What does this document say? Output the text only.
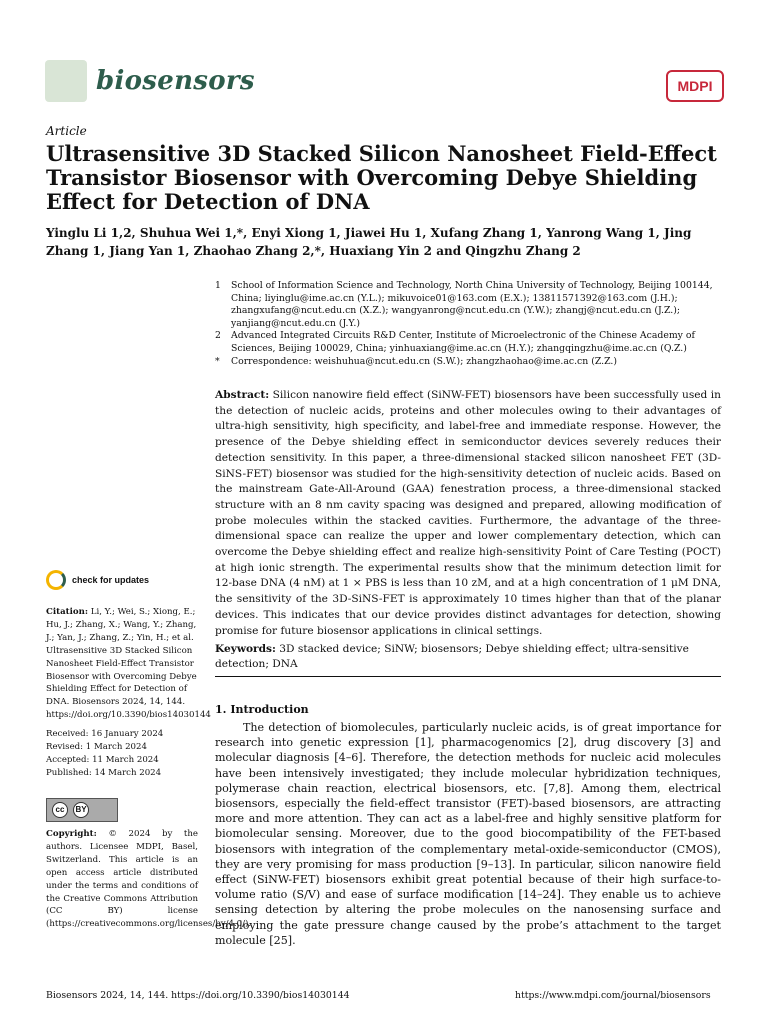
biosensors	MDPI
Article
Ultrasensitive 3D Stacked Silicon Nanosheet Field-Effect Transistor Biosensor with Overcoming Debye Shielding Effect for Detection of DNA
Yinglu Li 1,2, Shuhua Wei 1,*, Enyi Xiong 1, Jiawei Hu 1, Xufang Zhang 1, Yanrong Wang 1, Jing Zhang 1, Jiang Yan 1, Zhaohao Zhang 2,*, Huaxiang Yin 2 and Qingzhu Zhang 2
1	School of Information Science and Technology, North China University of Technology, Beijing 100144, China; liyinglu@ime.ac.cn (Y.L.); mikuvoice01@163.com (E.X.); 13811571392@163.com (J.H.); zhangxufang@ncut.edu.cn (X.Z.); wangyanrong@ncut.edu.cn (Y.W.); zhangj@ncut.edu.cn (J.Z.); yanjiang@ncut.edu.cn (J.Y.)
2	Advanced Integrated Circuits R&D Center, Institute of Microelectronic of the Chinese Academy of Sciences, Beijing 100029, China; yinhuaxiang@ime.ac.cn (H.Y.); zhangqingzhu@ime.ac.cn (Q.Z.)
*	Correspondence: weishuhua@ncut.edu.cn (S.W.); zhangzhaohao@ime.ac.cn (Z.Z.)
Abstract: Silicon nanowire field effect (SiNW-FET) biosensors have been successfully used in the detection of nucleic acids, proteins and other molecules owing to their advantages of ultra-high sensitivity, high specificity, and label-free and immediate response. However, the presence of the Debye shielding effect in semiconductor devices severely reduces their detection sensitivity. In this paper, a three-dimensional stacked silicon nanosheet FET (3D-SiNS-FET) biosensor was studied for the high-sensitivity detection of nucleic acids. Based on the mainstream Gate-All-Around (GAA) fenestration process, a three-dimensional stacked structure with an 8 nm cavity spacing was designed and prepared, allowing modification of probe molecules within the stacked cavities. Furthermore, the advantage of the three-dimensional space can realize the upper and lower complementary detection, which can overcome the Debye shielding effect and realize high-sensitivity Point of Care Testing (POCT) at high ionic strength. The experimental results show that the minimum detection limit for 12-base DNA (4 nM) at 1 × PBS is less than 10 zM, and at a high concentration of 1 μM DNA, the sensitivity of the 3D-SiNS-FET is approximately 10 times higher than that of the planar devices. This indicates that our device provides distinct advantages for detection, showing promise for future biosensor applications in clinical settings.
Keywords: 3D stacked device; SiNW; biosensors; Debye shielding effect; ultra-sensitive detection; DNA
1. Introduction

The detection of biomolecules, particularly nucleic acids, is of great importance for research into genetic expression [1], pharmacogenomics [2], drug discovery [3] and molecular diagnosis [4–6]. Therefore, the detection methods for nucleic acid molecules have been intensively investigated; they include molecular hybridization techniques, polymerase chain reaction, electrical biosensors, etc. [7,8]. Among them, electrical biosensors, especially the field-effect transistor (FET)-based biosensors, are attracting more and more attention. They can act as a label-free and highly sensitive platform for biomolecular sensing. Moreover, due to the good biocompatibility of the FET-based biosensors with integration of the complementary metal-oxide-semiconductor (CMOS), they are very promising for mass production [9–13]. In particular, silicon nanowire field effect (SiNW-FET) biosensors exhibit great potential because of their high surface-to-volume ratio (S/V) and ease of surface modification [14–24]. They enable us to achieve sensing detection by altering the probe molecules on the nanosensing surface and employing the gate pressure change caused by the probe’s attachment to the target molecule [25].

check for updates
Citation: Li, Y.; Wei, S.; Xiong, E.; Hu, J.; Zhang, X.; Wang, Y.; Zhang, J.; Yan, J.; Zhang, Z.; Yin, H.; et al. Ultrasensitive 3D Stacked Silicon Nanosheet Field-Effect Transistor Biosensor with Overcoming Debye Shielding Effect for Detection of DNA. Biosensors 2024, 14, 144. https://doi.org/10.3390/bios14030144
Received: 16 January 2024
Revised: 1 March 2024
Accepted: 11 March 2024
Published: 14 March 2024
cc	BY
Copyright: © 2024 by the authors. Licensee MDPI, Basel, Switzerland. This article is an open access article distributed under the terms and conditions of the Creative Commons Attribution (CC BY) license (https://creativecommons.org/licenses/by/4.0/).
Biosensors 2024, 14, 144. https://doi.org/10.3390/bios14030144	https://www.mdpi.com/journal/biosensors
